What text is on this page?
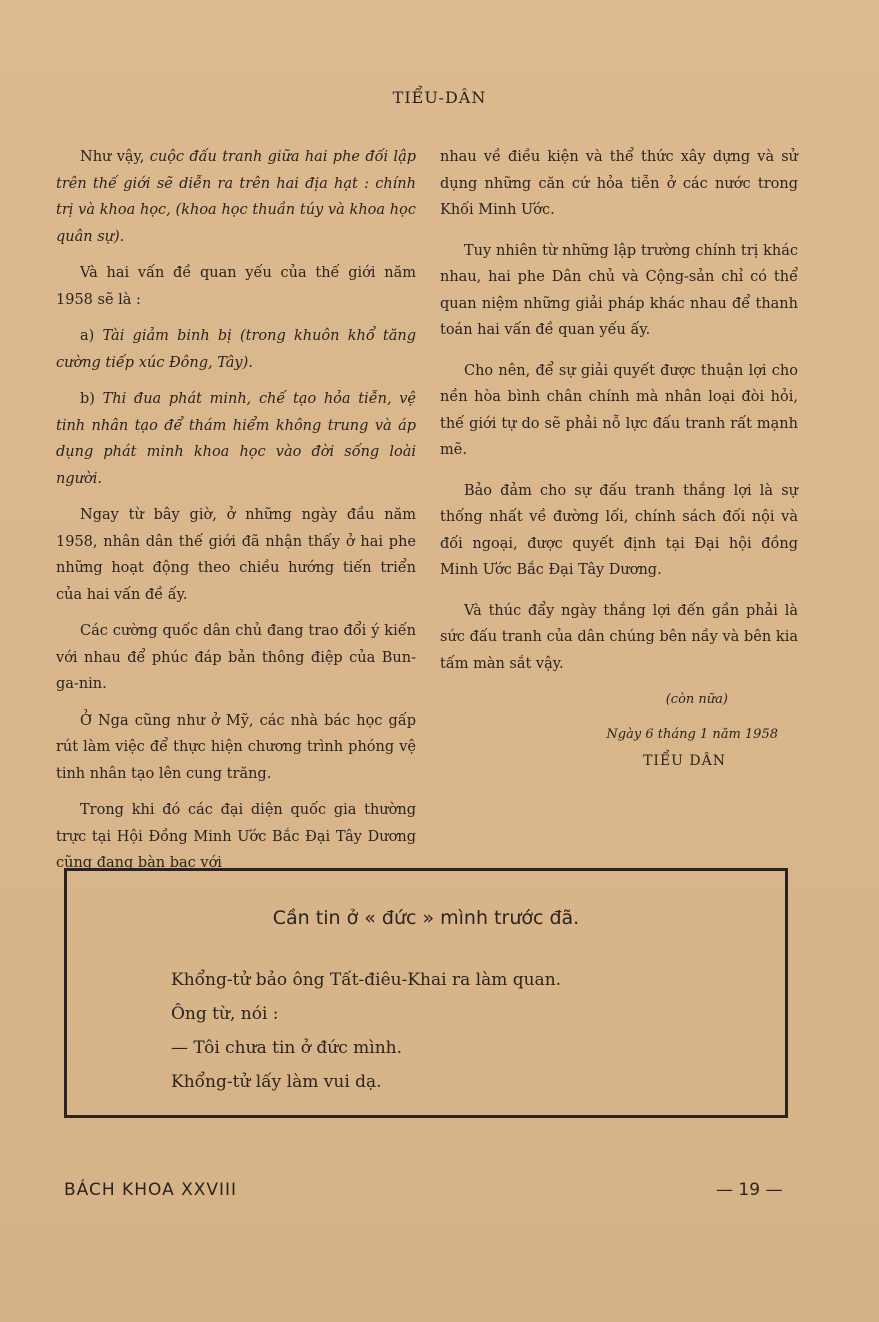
TIỂU-DÂN

Như vậy, cuộc đấu tranh giữa hai phe đối lập trên thế giới sẽ diễn ra trên hai địa hạt : chính trị và khoa học, (khoa học thuần túy và khoa học quân sự).

Và hai vấn đề quan yếu của thế giới năm 1958 sẽ là :

a) Tài giảm binh bị (trong khuôn khổ tăng cường tiếp xúc Đông, Tây).

b) Thi đua phát minh, chế tạo hỏa tiễn, vệ tinh nhân tạo để thám hiểm không trung và áp dụng phát minh khoa học vào đời sống loài người.

Ngay từ bây giờ, ở những ngày đầu năm 1958, nhân dân thế giới đã nhận thấy ở hai phe những hoạt động theo chiều hướng tiến triển của hai vấn đề ấy.

Các cường quốc dân chủ đang trao đổi ý kiến với nhau để phúc đáp bản thông điệp của Bun-ga-nin.

Ở Nga cũng như ở Mỹ, các nhà bác học gấp rút làm việc để thực hiện chương trình phóng vệ tinh nhân tạo lên cung trăng.

Trong khi đó các đại diện quốc gia thường trực tại Hội Đồng Minh Ước Bắc Đại Tây Dương cũng đang bàn bạc với

nhau về điều kiện và thể thức xây dựng và sử dụng những căn cứ hỏa tiễn ở các nước trong Khối Minh Ước.

Tuy nhiên từ những lập trường chính trị khác nhau, hai phe Dân chủ và Cộng-sản chỉ có thể quan niệm những giải pháp khác nhau để thanh toán hai vấn đề quan yếu ấy.

Cho nên, để sự giải quyết được thuận lợi cho nền hòa bình chân chính mà nhân loại đòi hỏi, thế giới tự do sẽ phải nỗ lực đấu tranh rất mạnh mẽ.

Bảo đảm cho sự đấu tranh thắng lợi là sự thống nhất về đường lối, chính sách đối nội và đối ngoại, được quyết định tại Đại hội đồng Minh Ước Bắc Đại Tây Dương.

Và thúc đẩy ngày thắng lợi đến gần phải là sức đấu tranh của dân chúng bên nầy và bên kia tấm màn sắt vậy.

(còn nữa)
Ngày 6 tháng 1 năm 1958
TIỂU DÂN
Cần tin ở « đức » mình trước đã.
Khổng-tử bảo ông Tất-điêu-Khai ra làm quan.
Ông từ, nói :
— Tôi chưa tin ở đức mình.
Khổng-tử lấy làm vui dạ.
BÁCH KHOA XXVIII	— 19 —
